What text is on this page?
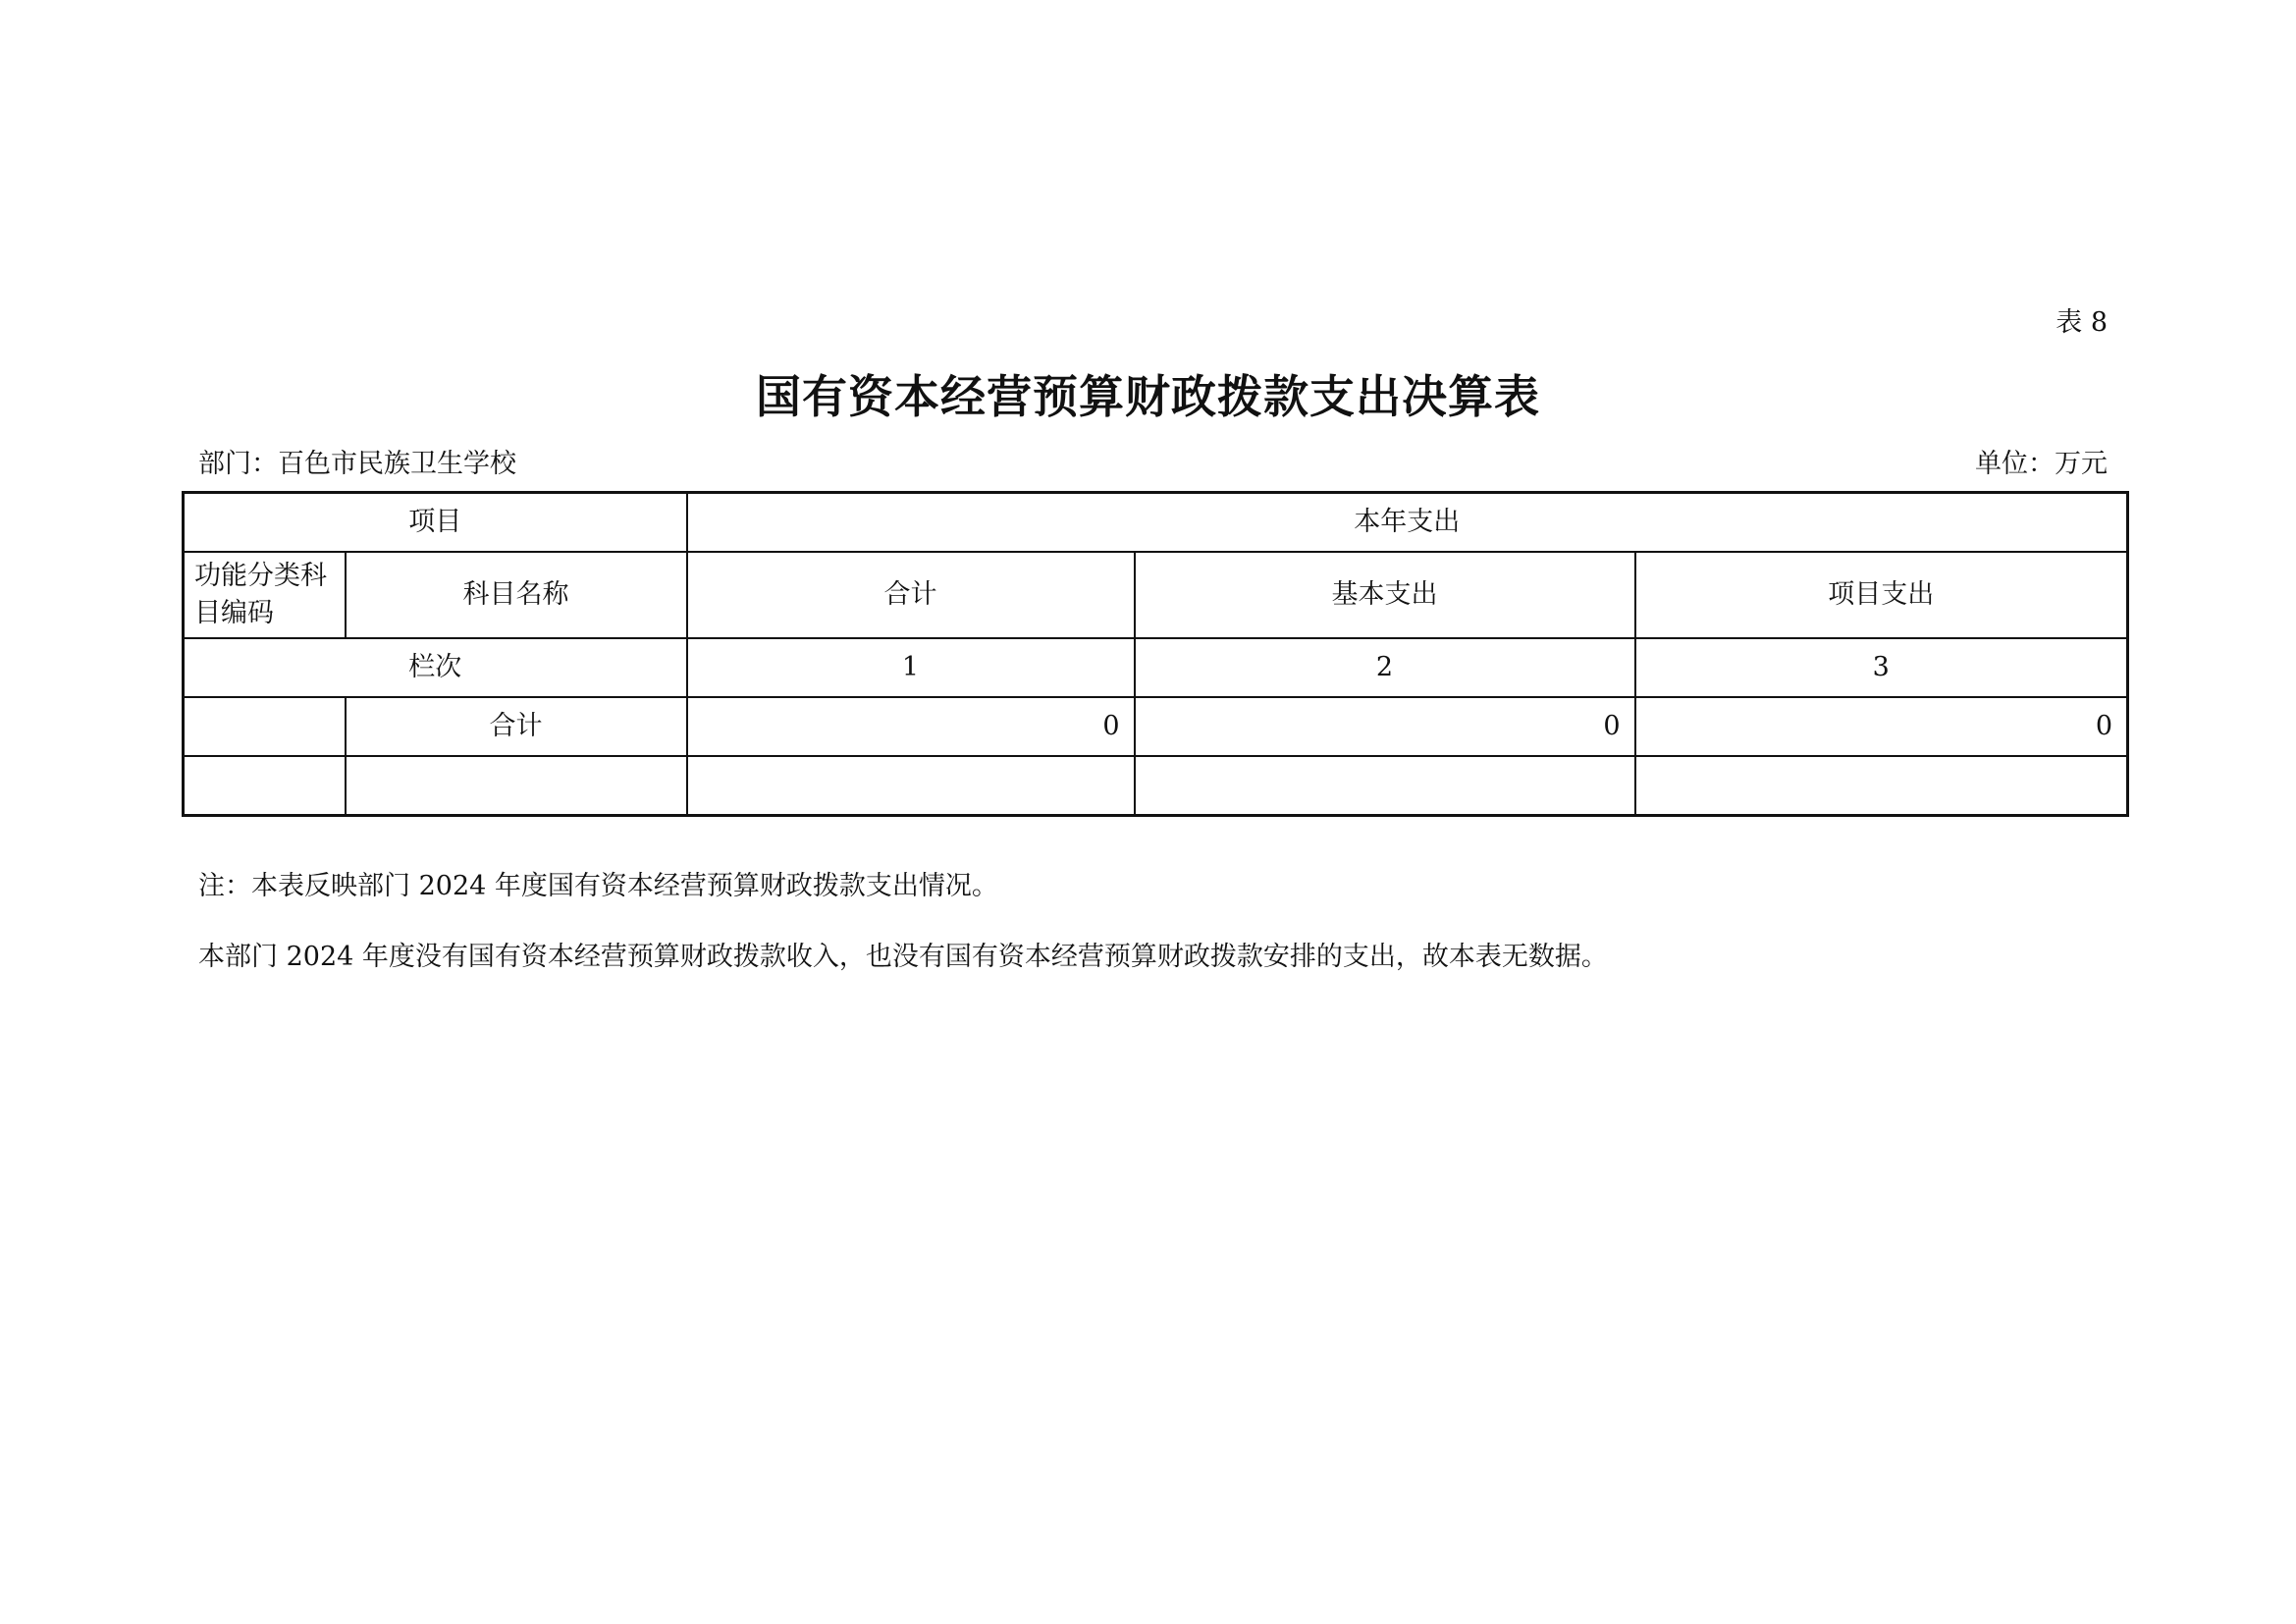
表 8
国有资本经营预算财政拨款支出决算表
部门：百色市民族卫生学校	单位：万元
项目		本年支出		
功能分类科目编码	科目名称	合计	基本支出	项目支出
栏次		1	2	3
	合计	0	0	0

注：本表反映部门 2024 年度国有资本经营预算财政拨款支出情况。
本部门 2024 年度没有国有资本经营预算财政拨款收入，也没有国有资本经营预算财政拨款安排的支出，故本表无数据。
